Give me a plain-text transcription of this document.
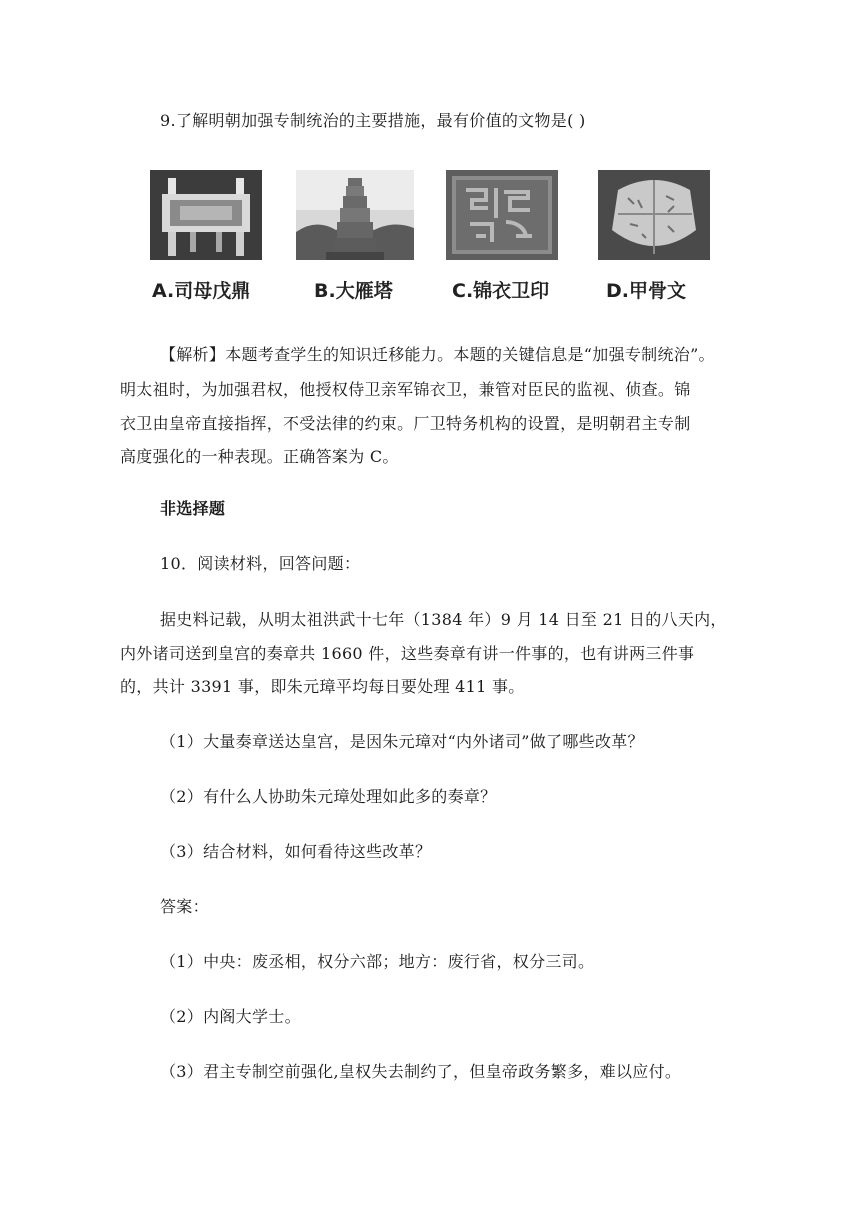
9.了解明朝加强专制统治的主要措施，最有价值的文物是( )
A.司母戊鼎	B.大雁塔	C.锦衣卫印	D.甲骨文
【解析】本题考查学生的知识迁移能力。本题的关键信息是“加强专制统治”。
明太祖时，为加强君权，他授权侍卫亲军锦衣卫，兼管对臣民的监视、侦查。锦
衣卫由皇帝直接指挥，不受法律的约束。厂卫特务机构的设置，是明朝君主专制
高度强化的一种表现。正确答案为 C。
非选择题
10．阅读材料，回答问题：
据史料记载，从明太祖洪武十七年（1384 年）9 月 14 日至 21 日的八天内，
内外诸司送到皇宫的奏章共 1660 件，这些奏章有讲一件事的，也有讲两三件事
的，共计 3391 事，即朱元璋平均每日要处理 411 事。
（1）大量奏章送达皇宫，是因朱元璋对“内外诸司”做了哪些改革？
（2）有什么人协助朱元璋处理如此多的奏章？
（3）结合材料，如何看待这些改革？
答案：
（1）中央：废丞相，权分六部；地方：废行省，权分三司。
（2）内阁大学士。
（3）君主专制空前强化,皇权失去制约了，但皇帝政务繁多，难以应付。
